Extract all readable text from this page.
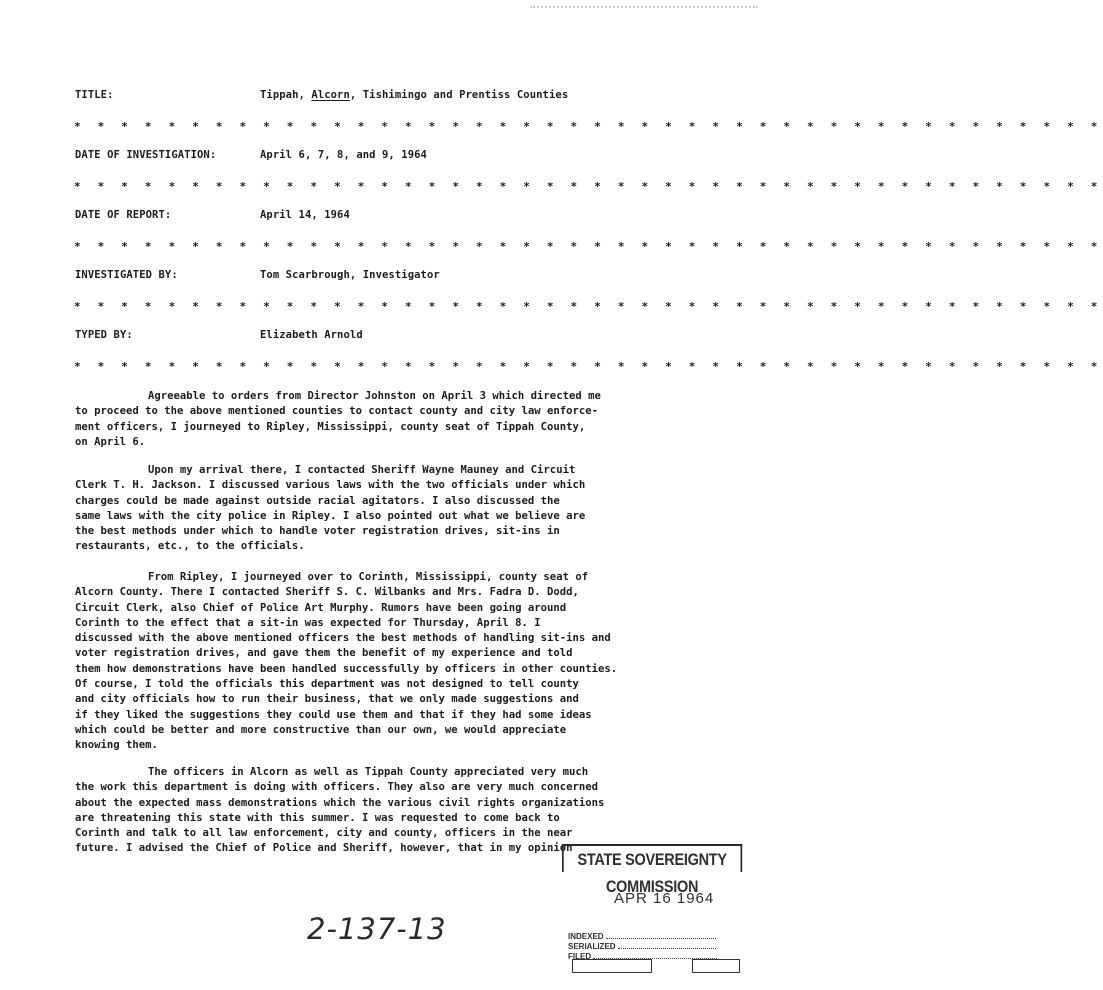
TITLE:	Tippah, Alcorn, Tishimingo and Prentiss Counties
* * * * * * * * * * * * * * * * * * * * * * * * * * * * * * * * * * * * * * * * * * * *
DATE OF INVESTIGATION:	April 6, 7, 8, and 9, 1964
* * * * * * * * * * * * * * * * * * * * * * * * * * * * * * * * * * * * * * * * * * * *
DATE OF REPORT:	April 14, 1964
* * * * * * * * * * * * * * * * * * * * * * * * * * * * * * * * * * * * * * * * * * * *
INVESTIGATED BY:	Tom Scarbrough, Investigator
* * * * * * * * * * * * * * * * * * * * * * * * * * * * * * * * * * * * * * * * * * * *
TYPED BY:	Elizabeth Arnold
* * * * * * * * * * * * * * * * * * * * * * * * * * * * * * * * * * * * * * * * * * * *

Agreeable to orders from Director Johnston on April 3 which directed me
to proceed to the above mentioned counties to contact county and city law enforce-
ment officers, I journeyed to Ripley, Mississippi, county seat of Tippah County,
on April 6.

Upon my arrival there, I contacted Sheriff Wayne Mauney and Circuit
Clerk T. H. Jackson. I discussed various laws with the two officials under which
charges could be made against outside racial agitators. I also discussed the
same laws with the city police in Ripley. I also pointed out what we believe are
the best methods under which to handle voter registration drives, sit-ins in
restaurants, etc., to the officials.

From Ripley, I journeyed over to Corinth, Mississippi, county seat of
Alcorn County. There I contacted Sheriff S. C. Wilbanks and Mrs. Fadra D. Dodd,
Circuit Clerk, also Chief of Police Art Murphy. Rumors have been going around
Corinth to the effect that a sit-in was expected for Thursday, April 8. I
discussed with the above mentioned officers the best methods of handling sit-ins and
voter registration drives, and gave them the benefit of my experience and told
them how demonstrations have been handled successfully by officers in other counties.
Of course, I told the officials this department was not designed to tell county
and city officials how to run their business, that we only made suggestions and
if they liked the suggestions they could use them and that if they had some ideas
which could be better and more constructive than our own, we would appreciate
knowing them.

The officers in Alcorn as well as Tippah County appreciated very much
the work this department is doing with officers. They also are very much concerned
about the expected mass demonstrations which the various civil rights organizations
are threatening this state with this summer. I was requested to come back to
Corinth and talk to all law enforcement, city and county, officers in the near
future. I advised the Chief of Police and Sheriff, however, that in my opinion

STATE SOVEREIGNTY COMMISSION
APR 16 1964
INDEXED
SERIALIZED
FILED
2-137-13
